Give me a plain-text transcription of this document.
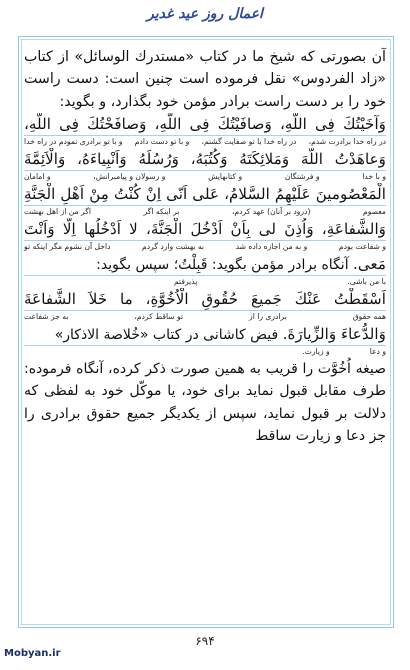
اعمال روز عید غدیر

آن بصورتى كه شيخ ما در كتاب «مستدرك الوسائل» از كتاب «زاد الفردوس» نقل فرموده است چنين است: دست راست خود را بر دست راست برادر مؤمن خود بگذارد، و بگويد:

وَآخَيْتُكَ فِى اللّهِ، وَصافَيْتُكَ فِى اللّهِ، وَصافَحْتُكَ فِى اللّهِ،
در راه خدا برادرت شدم،
در راه خدا با تو صفایت گشتم،
و با تو دست دادم
و با تو برادری نمودم در راه خدا
وَعاهَدْتُ اللّهَ وَمَلائِكَتَهُ وَكُتُبَهُ، وَرُسُلَهُ وَاَنْبِياءَهُ، وَالْاَئِمَّةَ
و با خدا
و فرشتگان
و کتابهایش
و رسولان و پیامبرانش،
و امامان
الْمَعْصُومينَ عَلَيْهِمُ السَّلامُ، عَلى اَنّى اِنْ كُنْتُ مِنْ اَهْلِ الْجَنَّةِ
معصوم
(درود بر آنان) عهد کردم،
بر اینکه اگر
اگر من از اهل بهشت
وَالشَّفاعَةِ، وَاُذِنَ لى بِاَنْ اَدْخُلَ الْجَنَّةَ، لا اَدْخُلُها اِلّا وَاَنْتَ
و شفاعت بودم
و به من اجازه داده شد
به بهشت وارد گردم
داخل آن نشوم مگر اینکه تو
مَعى. آنگاه برادر مؤمن بگويد: قَبِلْتُ؛ سپس بگويد:
با من باشی.
پذیرفتم
اَسْقَطْتُ عَنْكَ جَميعَ حُقُوقِ الْاُخُوَّةِ، ما خَلاَ الشَّفاعَةَ
همه حقوق
برادری را از
تو ساقط کردم،
به جز شفاعت
وَالدُّعاءَ وَالزِّيارَةَ. فيض كاشانى در كتاب «خُلاصة الاذكار»
و دعا
و زیارت.

صيغه اُخُوَّت را قريب به همين صورت ذكر كرده، آنگاه فرموده: طرف مقابل قبول نمايد براى خود، يا موكّل خود به لفظى كه دلالت بر قبول نمايد، سپس از يكديگر جميع حقوق برادرى را جز دعا و زيارت ساقط

۶۹۴
Mobyan.ir
